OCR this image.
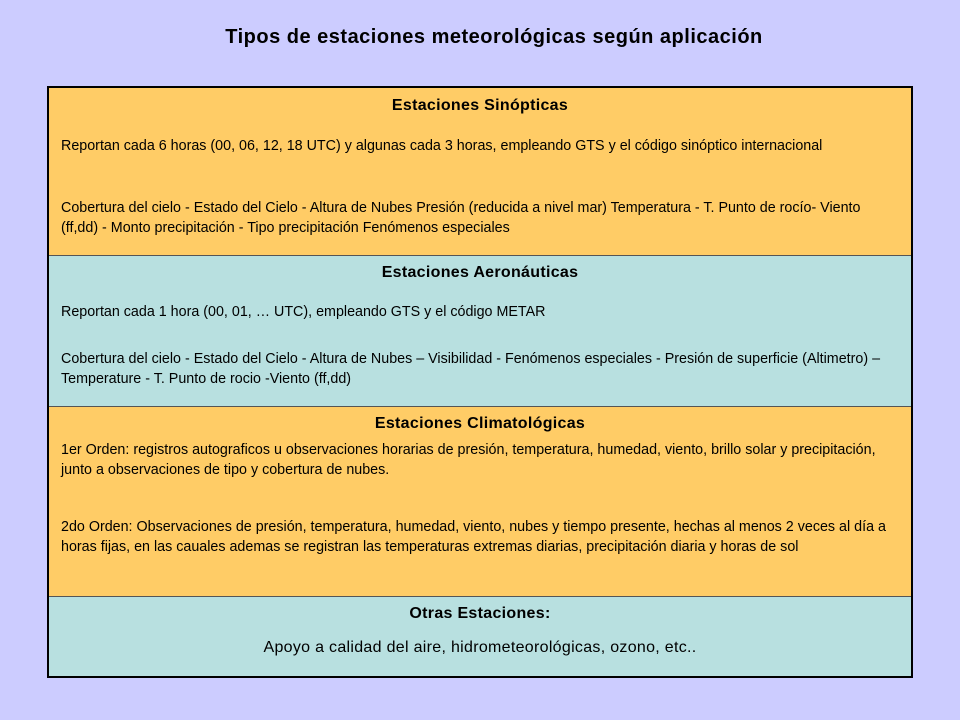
Tipos de estaciones meteorológicas según aplicación
Estaciones Sinópticas
Reportan cada 6 horas (00, 06, 12, 18 UTC) y algunas cada 3 horas, empleando GTS y el código sinóptico internacional
Cobertura del cielo - Estado del Cielo - Altura de Nubes Presión (reducida a nivel mar) Temperatura - T. Punto de rocío- Viento (ff,dd) - Monto precipitación - Tipo precipitación Fenómenos especiales
Estaciones Aeronáuticas
Reportan cada 1 hora (00, 01, … UTC), empleando GTS y el código METAR
Cobertura del cielo - Estado del Cielo - Altura de Nubes – Visibilidad - Fenómenos especiales - Presión de superficie (Altimetro) – Temperature - T. Punto de rocio -Viento (ff,dd)
Estaciones Climatológicas
1er Orden: registros autograficos u observaciones horarias de presión, temperatura, humedad, viento, brillo solar y precipitación, junto a observaciones de tipo y cobertura de nubes.
2do Orden: Observaciones de presión, temperatura, humedad, viento, nubes y tiempo presente, hechas al menos 2 veces al día a horas fijas, en las cauales ademas se registran las temperaturas extremas diarias, precipitación diaria y horas de sol
Otras Estaciones:
Apoyo a calidad del aire, hidrometeorológicas, ozono, etc..
